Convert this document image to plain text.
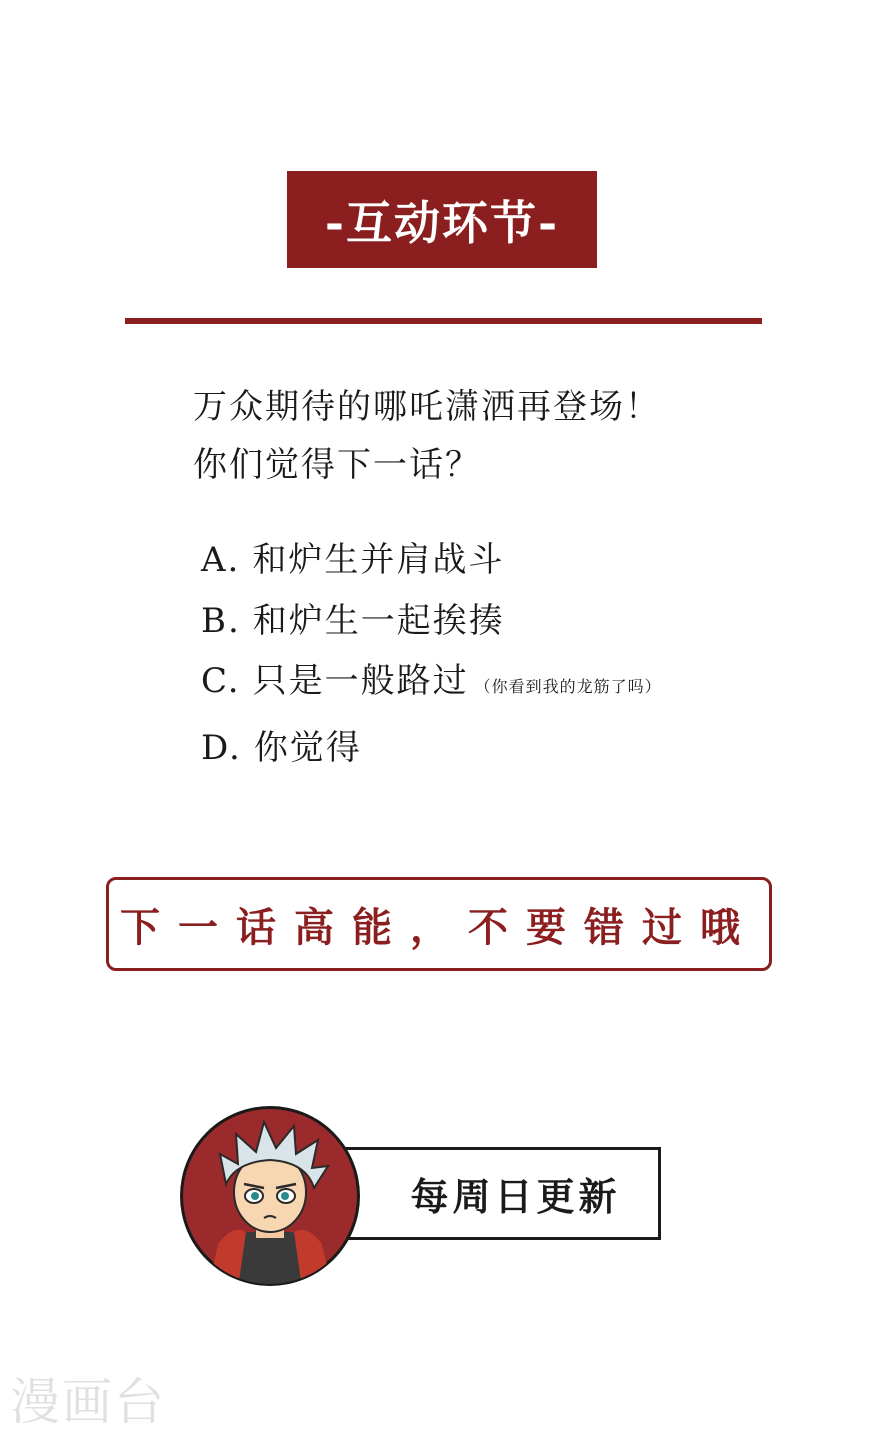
-互动环节-
万众期待的哪吒潇洒再登场！
你们觉得下一话？
A. 和炉生并肩战斗
B. 和炉生一起挨揍
C. 只是一般路过 （你看到我的龙筋了吗）
D. 你觉得
下一话高能，不要错过哦
每周日更新
漫画台
